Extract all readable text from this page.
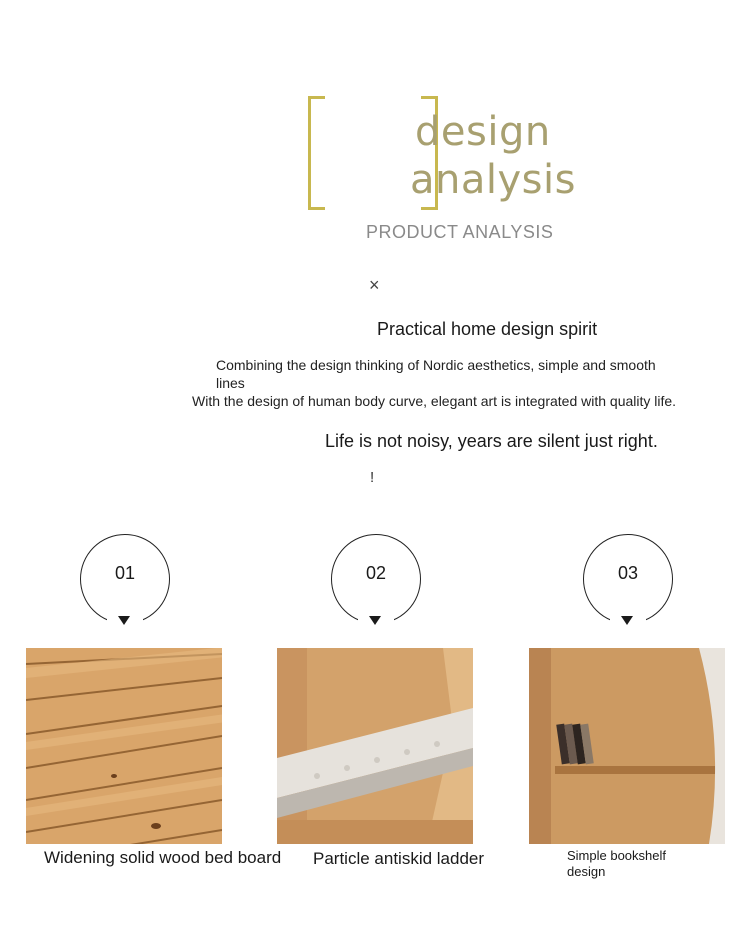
design
analysis
PRODUCT ANALYSIS
×
Practical home design spirit
Combining the design thinking of Nordic aesthetics, simple and smooth lines
With the design of human body curve, elegant art is integrated with quality life.
Life is not noisy, years are silent just right.
!
01	02	03
Widening solid wood bed board Particle antiskid ladder	Simple bookshelf design
